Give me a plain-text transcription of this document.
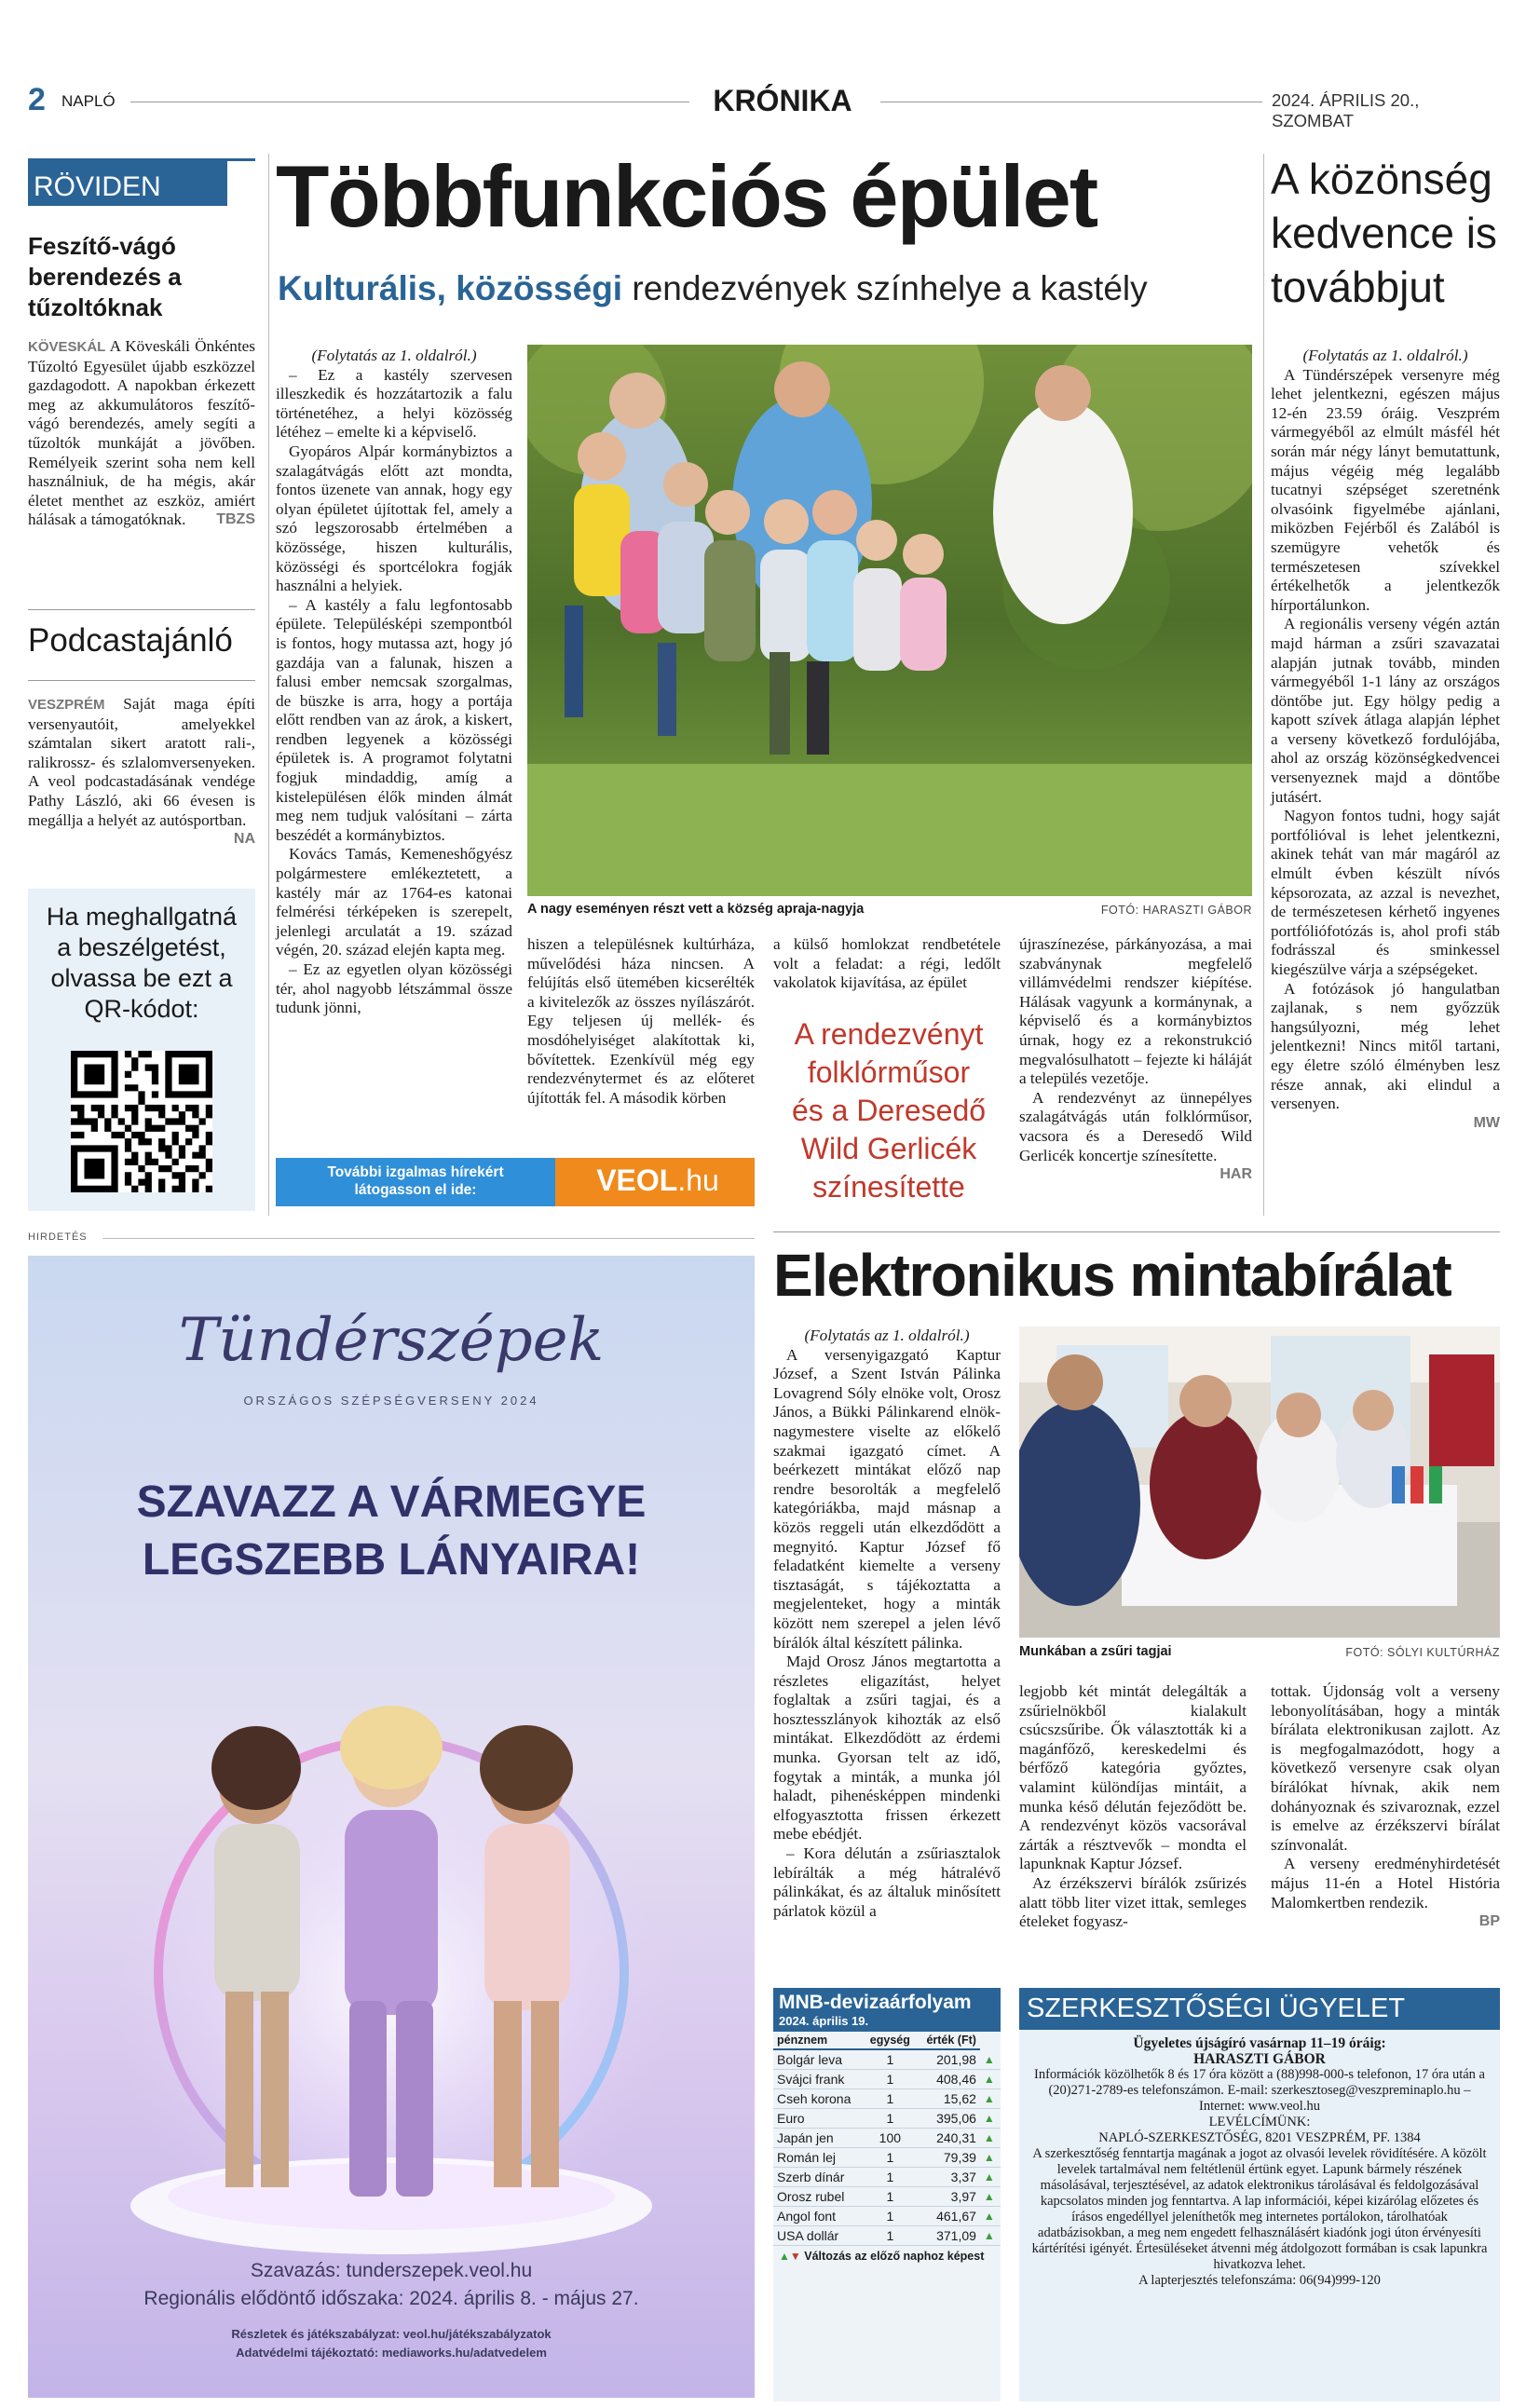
2 NAPLÓ	KRÓNIKA	2024. ÁPRILIS 20., SZOMBAT
RÖVIDEN
Feszítő-vágó berendezés a tűzoltóknak

KÖVESKÁL A Köveskáli Önkéntes Tűzoltó Egyesület újabb eszközzel gazdagodott. A napokban érkezett meg az akkumulátoros feszítő-vágó berendezés, amely segíti a tűzoltók munkáját a jövőben. Remélyeik szerint soha nem kell használniuk, de ha mégis, akár életet menthet az eszköz, amiért hálásak a támogatóknak. TBZS

Podcastajánló

VESZPRÉM Saját maga építi versenyautóit, amelyekkel számtalan sikert aratott rali-, ralikrossz- és szlalomversenyeken. A veol podcastadásának vendége Pathy László, aki 66 évesen is megállja a helyét az autósportban.
NA

Ha meghallgatná a beszélgetést, olvassa be ezt a QR-kódot:
Többfunkciós épület
Kulturális, közösségi rendezvények színhelye a kastély

(Folytatás az 1. oldalról.)

– Ez a kastély szervesen illeszkedik és hozzátartozik a falu történetéhez, a helyi közösség létéhez – emelte ki a képviselő.

Gyopáros Alpár kormánybiztos a szalagátvágás előtt azt mondta, fontos üzenete van annak, hogy egy olyan épületet újítottak fel, amely a szó legszorosabb értelmében a közössége, hiszen kulturális, közösségi és sportcélokra fogják használni a helyiek.

– A kastély a falu legfontosabb épülete. Településképi szempontból is fontos, hogy mutassa azt, hogy jó gazdája van a falunak, hiszen a falusi ember nemcsak szorgalmas, de büszke is arra, hogy a portája előtt rendben van az árok, a kiskert, rendben legyenek a közösségi épületek is. A programot folytatni fogjuk mindaddig, amíg a kistelepülésen élők minden álmát meg nem tudjuk valósítani – zárta beszédét a kormánybiztos.

Kovács Tamás, Kemeneshőgyész polgármestere emlékeztetett, a kastély már az 1764-es katonai felmérési térképeken is szerepelt, jelenlegi arculatát a 19. század végén, 20. század elején kapta meg.

– Ez az egyetlen olyan közösségi tér, ahol nagyobb létszámmal össze tudunk jönni,

A nagy eseményen részt vett a község apraja-nagyja	FOTÓ: HARASZTI GÁBOR

hiszen a településnek kultúrháza, művelődési háza nincsen. A felújítás első ütemében kicserélték a kivitelezők az összes nyílászárót. Egy teljesen új mellék- és mosdóhelyiséget alakítottak ki, bővítettek. Ezenkívül még egy rendezvénytermet és az előteret újították fel. A második körben

a külső homlokzat rendbetétele volt a feladat: a régi, ledőlt vakolatok kijavítása, az épület

A rendezvényt folklórműsor és a Deresedő Wild Gerlicék színesítette

újraszínezése, párkányozása, a mai szabványnak megfelelő villámvédelmi rendszer kiépítése. Hálásak vagyunk a kormánynak, a képviselő és a kormánybiztos úrnak, hogy ez a rekonstrukció megvalósulhatott – fejezte ki háláját a település vezetője.

A rendezvényt az ünnepélyes szalagátvágás után folklórműsor, vacsora és a Deresedő Wild Gerlicék koncertje színesítette.

HAR

További izgalmas hírekért látogasson el ide:	VEOL.hu
A közönség kedvence is továbbjut

(Folytatás az 1. oldalról.)

A Tündérszépek versenyre még lehet jelentkezni, egészen május 12-én 23.59 óráig. Veszprém vármegyéből az elmúlt másfél hét során már négy lányt bemutattunk, május végéig még legalább tucatnyi szépséget szeretnénk olvasóink figyelmébe ajánlani, miközben Fejérből és Zalából is szemügyre vehetők és természetesen szívekkel értékelhetők a jelentkezők hírportálunkon.

A regionális verseny végén aztán majd hárman a zsűri szavazatai alapján jutnak tovább, minden vármegyéből 1-1 lány az országos döntőbe jut. Egy hölgy pedig a kapott szívek átlaga alapján léphet a verseny következő fordulójába, ahol az ország közönségkedvencei versenyeznek majd a döntőbe jutásért.

Nagyon fontos tudni, hogy saját portfólióval is lehet jelentkezni, akinek tehát van már magáról az elmúlt évben készült nívós képsorozata, az azzal is nevezhet, de természetesen kérhető ingyenes portfóliófotózás is, ahol profi stáb fodrásszal és sminkessel kiegészülve várja a szépségeket.

A fotózások jó hangulatban zajlanak, s nem győzzük hangsúlyozni, még lehet jelentkezni! Nincs mitől tartani, egy életre szóló élményben lesz része annak, aki elindul a versenyen.

MW

HIRDETÉS
Tündérszépek
ORSZÁGOS SZÉPSÉGVERSENY 2024
SZAVAZZ A VÁRMEGYE LEGSZEBB LÁNYAIRA!
Szavazás: tunderszepek.veol.hu
Regionális elődöntő időszaka: 2024. április 8. - május 27.
Részletek és játékszabályzat: veol.hu/játékszabályzatok
Adatvédelmi tájékoztató: mediaworks.hu/adatvedelem
Elektronikus mintabírálat

(Folytatás az 1. oldalról.)

A versenyigazgató Kaptur József, a Szent István Pálinka Lovagrend Sóly elnöke volt, Orosz János, a Bükki Pálinkarend elnök-nagymestere viselte az előkelő szakmai igazgató címet. A beérkezett mintákat előző nap rendre besorolták a megfelelő kategóriákba, majd másnap a közös reggeli után elkezdődött a megnyitó. Kaptur József fő feladatként kiemelte a verseny tisztaságát, s tájékoztatta a megjelenteket, hogy a minták között nem szerepel a jelen lévő bírálók által készített pálinka.

Majd Orosz János megtartotta a részletes eligazítást, helyet foglaltak a zsűri tagjai, és a hosztesszlányok kihozták az első mintákat. Elkezdődött az érdemi munka. Gyorsan telt az idő, fogytak a minták, a munka jól haladt, pihenésképpen mindenki elfogyasztotta frissen érkezett mebe ebédjét.

– Kora délután a zsűriasztalok lebírálták a még hátralévő pálinkákat, és az általuk minősített párlatok közül a

Munkában a zsűri tagjai	FOTÓ: SÓLYI KULTÚRHÁZ

legjobb két mintát delegálták a zsűrielnökből kialakult csúcszsűribe. Ők választották ki a magánfőző, kereskedelmi és bérfőző kategória győztes, valamint különdíjas mintáit, a munka késő délután fejeződött be. A rendezvényt közös vacsorával zárták a résztvevők – mondta el lapunknak Kaptur József.

Az érzékszervi bírálók zsűrizés alatt több liter vizet ittak, semleges ételeket fogyasz-

tottak. Újdonság volt a verseny lebonyolításában, hogy a minták bírálata elektronikusan zajlott. Az is megfogalmazódott, hogy a következő versenyre csak olyan bírálókat hívnak, akik nem dohányoznak és szivaroznak, ezzel is emelve az érzékszervi bírálat színvonalát.

A verseny eredményhirdetését május 11-én a Hotel Históriа Malomkertben rendezik.

BP

MNB-devizaárfolyam
2024. április 19.
pénznem	egység	érték (Ft)	
Bolgár leva	1	201,98	▲
Svájci frank	1	408,46	▲
Cseh korona	1	15,62	▲
Euro	1	395,06	▲
Japán jen	100	240,31	▲
Román lej	1	79,39	▲
Szerb dínár	1	3,37	▲
Orosz rubel	1	3,97	▲
Angol font	1	461,67	▲
USA dollár	1	371,09	▲
▲▼ Változás az előző naphoz képest
SZERKESZTŐSÉGI ÜGYELET
Ügyeletes újságíró vasárnap 11–19 óráig:
HARASZTI GÁBOR
Információk közölhetők 8 és 17 óra között a (88)998-000-s telefonon, 17 óra után a (20)271-2789-es telefonszámon. E-mail: szerkesztoseg@veszpreminaplo.hu – Internet: www.veol.hu
LEVÉLCÍMÜNK:
NAPLÓ-SZERKESZTŐSÉG, 8201 VESZPRÉM, PF. 1384
A szerkesztőség fenntartja magának a jogot az olvasói levelek rövidítésére. A közölt levelek tartalmával nem feltétlenül értünk egyet. Lapunk bármely részének másolásával, terjesztésével, az adatok elektronikus tárolásával és feldolgozásával kapcsolatos minden jog fenntartva. A lap információi, képei kizárólag előzetes és írásos engedéllyel jeleníthetők meg internetes portálokon, tárolhatóak adatbázisokban, a meg nem engedett felhasználásért kiadónk jogi úton érvényesíti kártérítési igényét. Értesüléseket átvenni még átdolgozott formában is csak lapunkra hivatkozva lehet.
A lapterjesztés telefonszáma: 06(94)999-120
